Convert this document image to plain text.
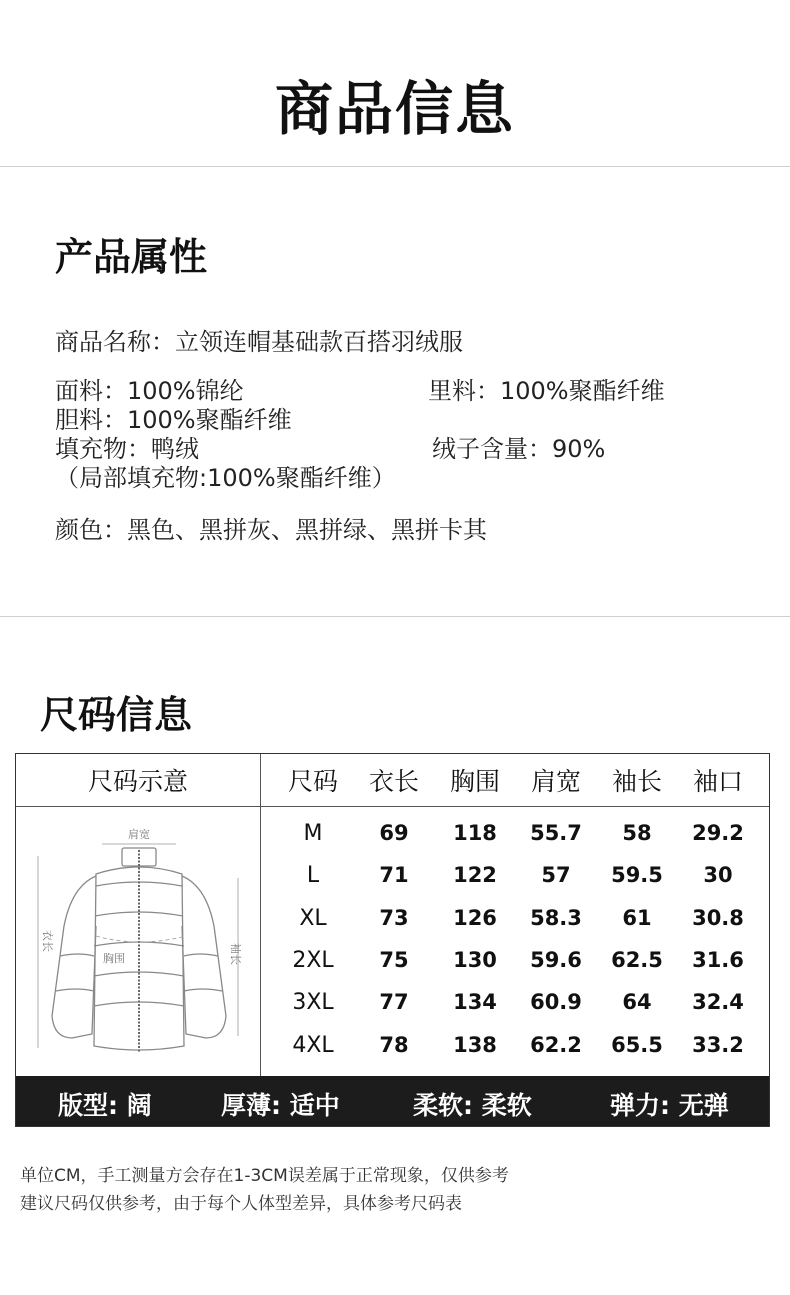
商品信息
产品属性
商品名称：立领连帽基础款百搭羽绒服
面料：100%锦纶	里料：100%聚酯纤维
胆料：100%聚酯纤维
填充物：鸭绒	绒子含量：90%
（局部填充物:100%聚酯纤维）
颜色：黑色、黑拼灰、黑拼绿、黑拼卡其
尺码信息
尺码示意	尺码	衣长	胸围	肩宽	袖长	袖口
肩宽
衣长
胸围	袖长
M	69	118	55.7	58	29.2
L	71	122	57	59.5	30
XL	73	126	58.3	61	30.8
2XL	75	130	59.6	62.5	31.6
3XL	77	134	60.9	64	32.4
4XL	78	138	62.2	65.5	33.2
版型: 阔	厚薄: 适中	柔软: 柔软	弹力: 无弹
单位CM，手工测量方会存在1-3CM误差属于正常现象，仅供参考
建议尺码仅供参考，由于每个人体型差异，具体参考尺码表
